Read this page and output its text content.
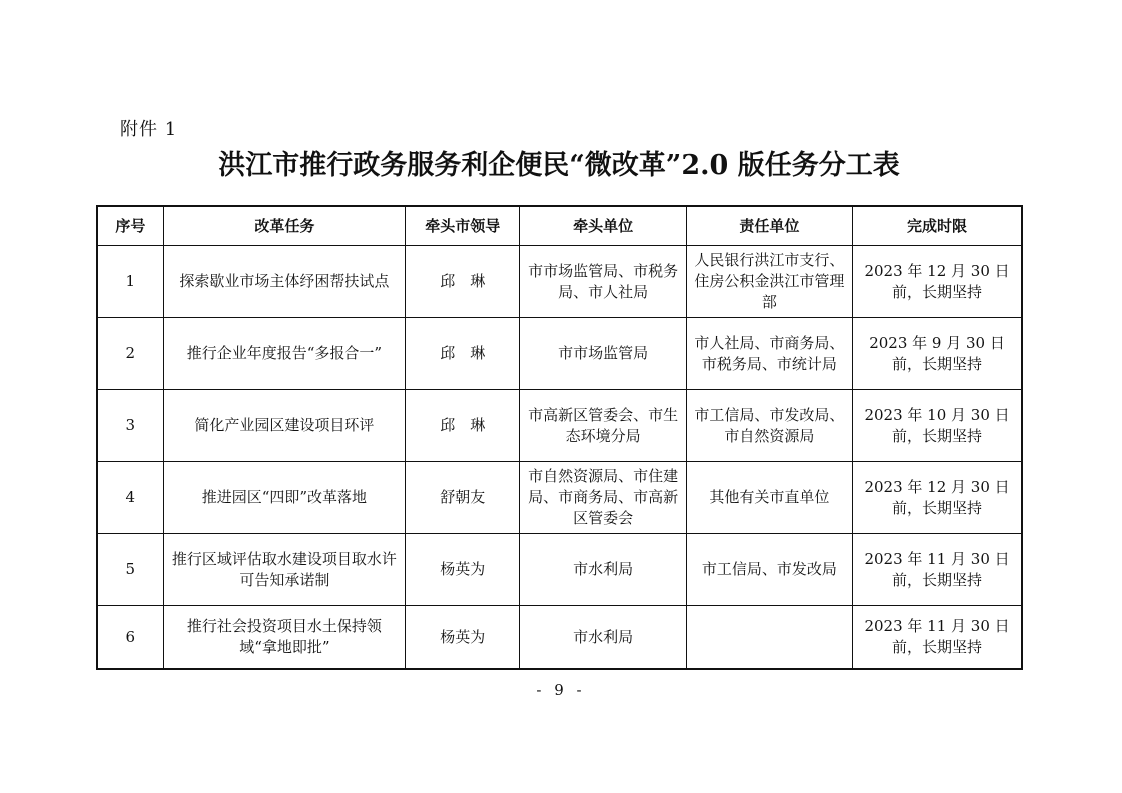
附件 1
洪江市推行政务服务利企便民“微改革”2.0 版任务分工表
序号	改革任务	牵头市领导	牵头单位	责任单位	完成时限
1	探索歇业市场主体纾困帮扶试点	邱　琳	市市场监管局、市税务局、市人社局	人民银行洪江市支行、住房公积金洪江市管理部	2023 年 12 月 30 日前，长期坚持
2	推行企业年度报告“多报合一”	邱　琳	市市场监管局	市人社局、市商务局、市税务局、市统计局	2023 年 9 月 30 日前，长期坚持
3	简化产业园区建设项目环评	邱　琳	市高新区管委会、市生态环境分局	市工信局、市发改局、市自然资源局	2023 年 10 月 30 日前，长期坚持
4	推进园区“四即”改革落地	舒朝友	市自然资源局、市住建局、市商务局、市高新区管委会	其他有关市直单位	2023 年 12 月 30 日前，长期坚持
5	推行区域评估取水建设项目取水许可告知承诺制	杨英为	市水利局	市工信局、市发改局	2023 年 11 月 30 日前，长期坚持
6	推行社会投资项目水土保持领域“拿地即批”	杨英为	市水利局		2023 年 11 月 30 日前，长期坚持
- 9 -
